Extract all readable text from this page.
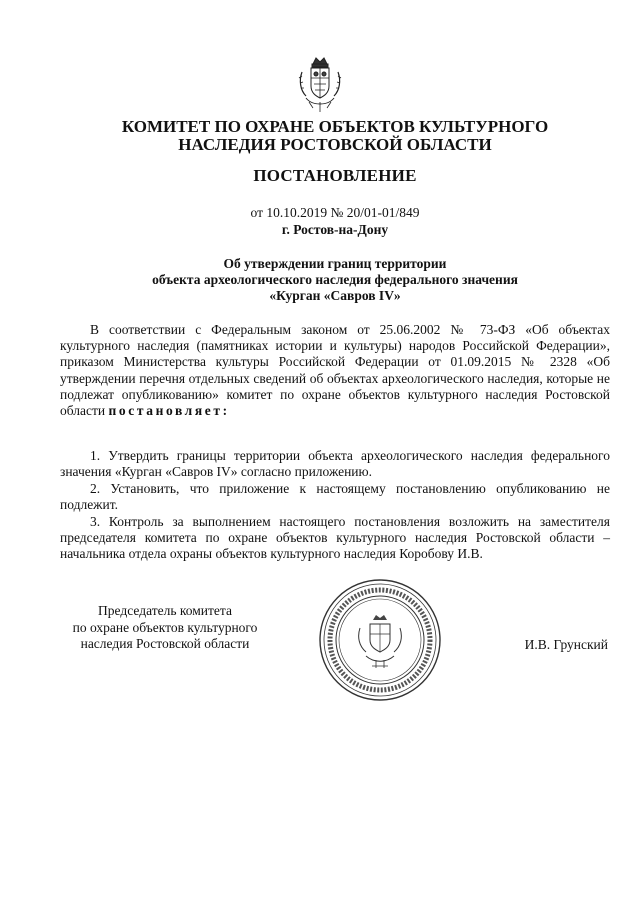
КОМИТЕТ ПО ОХРАНЕ ОБЪЕКТОВ КУЛЬТУРНОГО
НАСЛЕДИЯ РОСТОВСКОЙ ОБЛАСТИ
ПОСТАНОВЛЕНИЕ
от 10.10.2019 № 20/01-01/849
г. Ростов-на-Дону
Об утверждении границ территории
объекта археологического наследия федерального значения
«Курган «Савров IV»

В соответствии с Федеральным законом от 25.06.2002 № 73-ФЗ «Об объектах культурного наследия (памятниках истории и культуры) народов Российской Федерации», приказом Министерства культуры Российской Федерации от 01.09.2015 № 2328 «Об утверждении перечня отдельных сведений об объектах археологического наследия, которые не подлежат опубликованию» комитет по охране объектов культурного наследия Ростовской области постановляет:

1. Утвердить границы территории объекта археологического наследия федерального значения «Курган «Савров IV» согласно приложению.

2. Установить, что приложение к настоящему постановлению опубликованию не подлежит.

3. Контроль за выполнением настоящего постановления возложить на заместителя председателя комитета по охране объектов культурного наследия Ростовской области – начальника отдела охраны объектов культурного наследия Коробову И.В.

Председатель комитета
по охране объектов культурного
наследия Ростовской области	И.В. Грунский
